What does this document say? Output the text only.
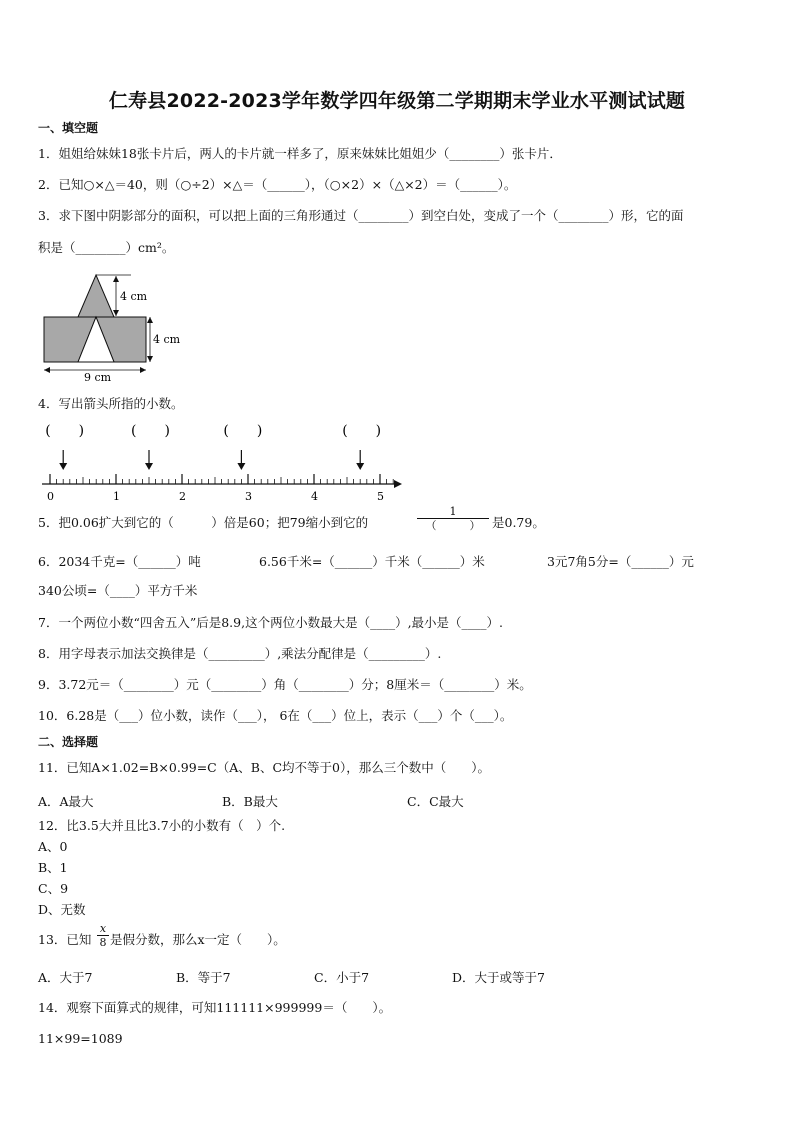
仁寿县2022-2023学年数学四年级第二学期期末学业水平测试试题
一、填空题
1．姐姐给妹妹18张卡片后，两人的卡片就一样多了，原来妹妹比姐姐少（________）张卡片．
2．已知○×△＝40，则（○÷2）×△＝（______），（○×2）×（△×2）＝（______）。
3．求下图中阴影部分的面积，可以把上面的三角形通过（________）到空白处，变成了一个（________）形，它的面
积是（________）cm²。
4 cm
4 cm
9 cm
4．写出箭头所指的小数。
(　　)	(　　)	(　　)	(　　)
0	1	2	3	4	5
5．把0.06扩大到它的（　　　）倍是60；把79缩小到它的
1
（　　　） 是0.79。
6．2034千克=（______）吨	6.56千米=（______）千米（______）米	3元7角5分=（______）元
340公顷=（____）平方千米
7．一个两位小数“四舍五入”后是8.9,这个两位小数最大是（____）,最小是（____）.
8．用字母表示加法交换律是（_________）,乘法分配律是（_________）.
9．3.72元＝（________）元（________）角（________）分；8厘米＝（________）米。
10．6.28是（___）位小数，读作（___）， 6在（___）位上，表示（___）个（___）。
二、选择题
11．已知A×1.02=B×0.99=C（A、B、C均不等于0），那么三个数中（　　）。
A．A最大	B．B最大	C．C最大
12．比3.5大并且比3.7小的小数有（　）个.
A、0
B、1
C、9
D、无数
13．已知 $\frac{x}{8}$ 是假分数，那么x一定（　　）。
A．大于7	B．等于7	C．小于7	D．大于或等于7
14．观察下面算式的规律，可知111111×999999＝（　　）。
11×99=1089
